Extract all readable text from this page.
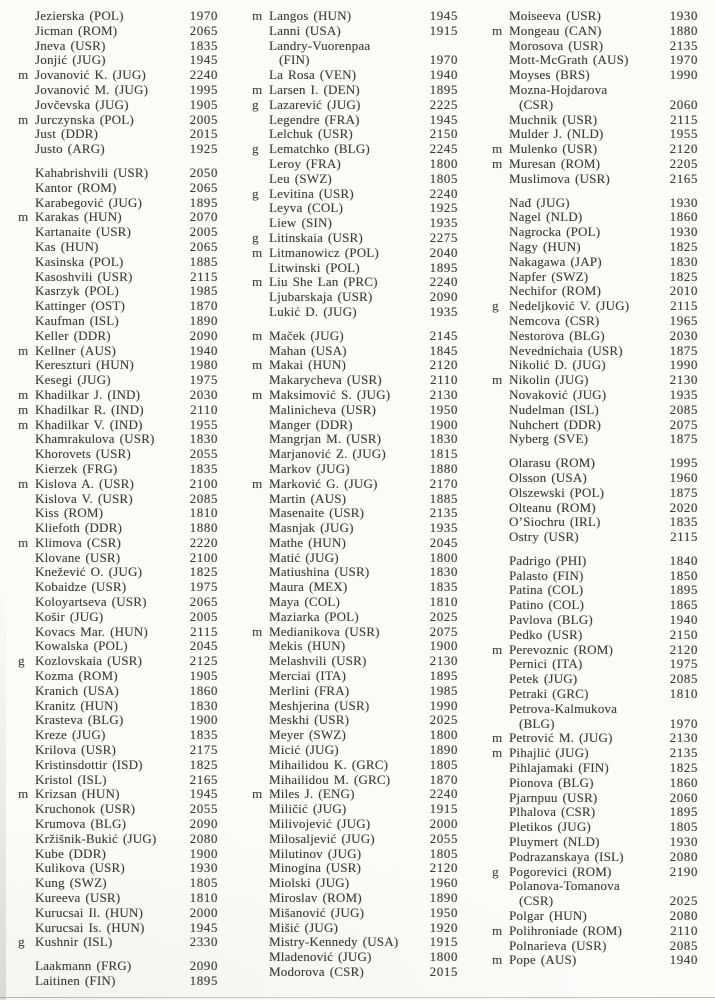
Jezierska (POL)	1970
Jicman (ROM)	2065
Jneva (USR)	1835
Jonjić (JUG)	1945
m Jovanović K. (JUG)	2240
Jovanović M. (JUG)	1995
Jovčevska (JUG)	1905
m Jurczynska (POL)	2005
Just (DDR)	2015
Justo (ARG)	1925
Kahabrishvili (USR)	2050
Kantor (ROM)	2065
Karabegović (JUG)	1895
m Karakas (HUN)	2070
Kartanaite (USR)	2005
Kas (HUN)	2065
Kasinska (POL)	1885
Kasoshvili (USR)	2115
Kasrzyk (POL)	1985
Kattinger (OST)	1870
Kaufman (ISL)	1890
Keller (DDR)	2090
m Kellner (AUS)	1940
Kereszturi (HUN)	1980
Kesegi (JUG)	1975
m Khadilkar J. (IND)	2030
m Khadilkar R. (IND)	2110
m Khadilkar V. (IND)	1955
Khamrakulova (USR)	1830
Khorovets (USR)	2055
Kierzek (FRG)	1835
m Kislova A. (USR)	2100
Kislova V. (USR)	2085
Kiss (ROM)	1810
Kliefoth (DDR)	1880
m Klimova (CSR)	2220
Klovane (USR)	2100
Knežević O. (JUG)	1825
Kobaidze (USR)	1975
Koloyartseva (USR)	2065
Košir (JUG)	2005
Kovacs Mar. (HUN)	2115
Kowalska (POL)	2045
g Kozlovskaia (USR)	2125
Kozma (ROM)	1905
Kranich (USA)	1860
Kranitz (HUN)	1830
Krasteva (BLG)	1900
Kreze (JUG)	1835
Krilova (USR)	2175
Kristinsdottir (ISD)	1825
Kristol (ISL)	2165
m Krizsan (HUN)	1945
Kruchonok (USR)	2055
Krumova (BLG)	2090
Kržišnik-Bukić (JUG)	2080
Kube (DDR)	1900
Kulikova (USR)	1930
Kung (SWZ)	1805
Kureeva (USR)	1810
Kurucsai Il. (HUN)	2000
Kurucsai Is. (HUN)	1945
g Kushnir (ISL)	2330
Laakmann (FRG)	2090
Laitinen (FIN)	1895
m Langos (HUN)	1945
Lanni (USA)	1915
Landry-Vuorenpaa
(FIN)	1970
La Rosa (VEN)	1940
m Larsen I. (DEN)	1895
g Lazarević (JUG)	2225
Legendre (FRA)	1945
Lelchuk (USR)	2150
g Lematchko (BLG)	2245
Leroy (FRA)	1800
Leu (SWZ)	1805
g Levitina (USR)	2240
Leyva (COL)	1925
Liew (SIN)	1935
g Litinskaia (USR)	2275
m Litmanowicz (POL)	2040
Litwinski (POL)	1895
m Liu She Lan (PRC)	2240
Ljubarskaja (USR)	2090
Lukić D. (JUG)	1935
m Maček (JUG)	2145
Mahan (USA)	1845
m Makai (HUN)	2120
Makarycheva (USR)	2110
m Maksimović S. (JUG)	2130
Malinicheva (USR)	1950
Manger (DDR)	1900
Mangrjan M. (USR)	1830
Marjanović Z. (JUG)	1815
Markov (JUG)	1880
m Marković G. (JUG)	2170
Martin (AUS)	1885
Masenaite (USR)	2135
Masnjak (JUG)	1935
Mathe (HUN)	2045
Matić (JUG)	1800
Matiushina (USR)	1830
Maura (MEX)	1835
Maya (COL)	1810
Maziarka (POL)	2025
m Medianikova (USR)	2075
Mekis (HUN)	1900
Melashvili (USR)	2130
Merciai (ITA)	1895
Merlini (FRA)	1985
Meshjerina (USR)	1990
Meskhi (USR)	2025
Meyer (SWZ)	1800
Micić (JUG)	1890
Mihailidou K. (GRC)	1805
Mihailidou M. (GRC)	1870
m Miles J. (ENG)	2240
Miličić (JUG)	1915
Milivojević (JUG)	2000
Milosaljević (JUG)	2055
Milutinov (JUG)	1805
Minogina (USR)	2120
Miolski (JUG)	1960
Miroslav (ROM)	1890
Mišanović (JUG)	1950
Mišić (JUG)	1920
Mistry-Kennedy (USA)	1915
Mladenović (JUG)	1800
Modorova (CSR)	2015
Moiseeva (USR)	1930
m Mongeau (CAN)	1880
Morosova (USR)	2135
Mott-McGrath (AUS)	1970
Moyses (BRS)	1990
Mozna-Hojdarova
(CSR)	2060
Muchnik (USR)	2115
Mulder J. (NLD)	1955
m Mulenko (USR)	2120
m Muresan (ROM)	2205
Muslimova (USR)	2165
Nađ (JUG)	1930
Nagel (NLD)	1860
Nagrocka (POL)	1930
Nagy (HUN)	1825
Nakagawa (JAP)	1830
Napfer (SWZ)	1825
Nechifor (ROM)	2010
g Nedeljković V. (JUG)	2115
Nemcova (CSR)	1965
Nestorova (BLG)	2030
Nevednichaia (USR)	1875
Nikolić D. (JUG)	1990
m Nikolin (JUG)	2130
Novaković (JUG)	1935
Nudelman (ISL)	2085
Nuhchert (DDR)	2075
Nyberg (SVE)	1875
Olarasu (ROM)	1995
Olsson (USA)	1960
Olszewski (POL)	1875
Olteanu (ROM)	2020
O’Siochru (IRL)	1835
Ostry (USR)	2115
Padrigo (PHI)	1840
Palasto (FIN)	1850
Patina (COL)	1895
Patino (COL)	1865
Pavlova (BLG)	1940
Pedko (USR)	2150
m Perevoznic (ROM)	2120
Pernici (ITA)	1975
Petek (JUG)	2085
Petraki (GRC)	1810
Petrova-Kalmukova
(BLG)	1970
m Petrović M. (JUG)	2130
m Pihajlić (JUG)	2135
Pihlajamaki (FIN)	1825
Pionova (BLG)	1860
Pjarnpuu (USR)	2060
Plhalova (CSR)	1895
Pletikos (JUG)	1805
Pluymert (NLD)	1930
Podrazanskaya (ISL)	2080
g Pogorevici (ROM)	2190
Polanova-Tomanova
(CSR)	2025
Polgar (HUN)	2080
m Polihroniade (ROM)	2110
Polnarieva (USR)	2085
m Pope (AUS)	1940
